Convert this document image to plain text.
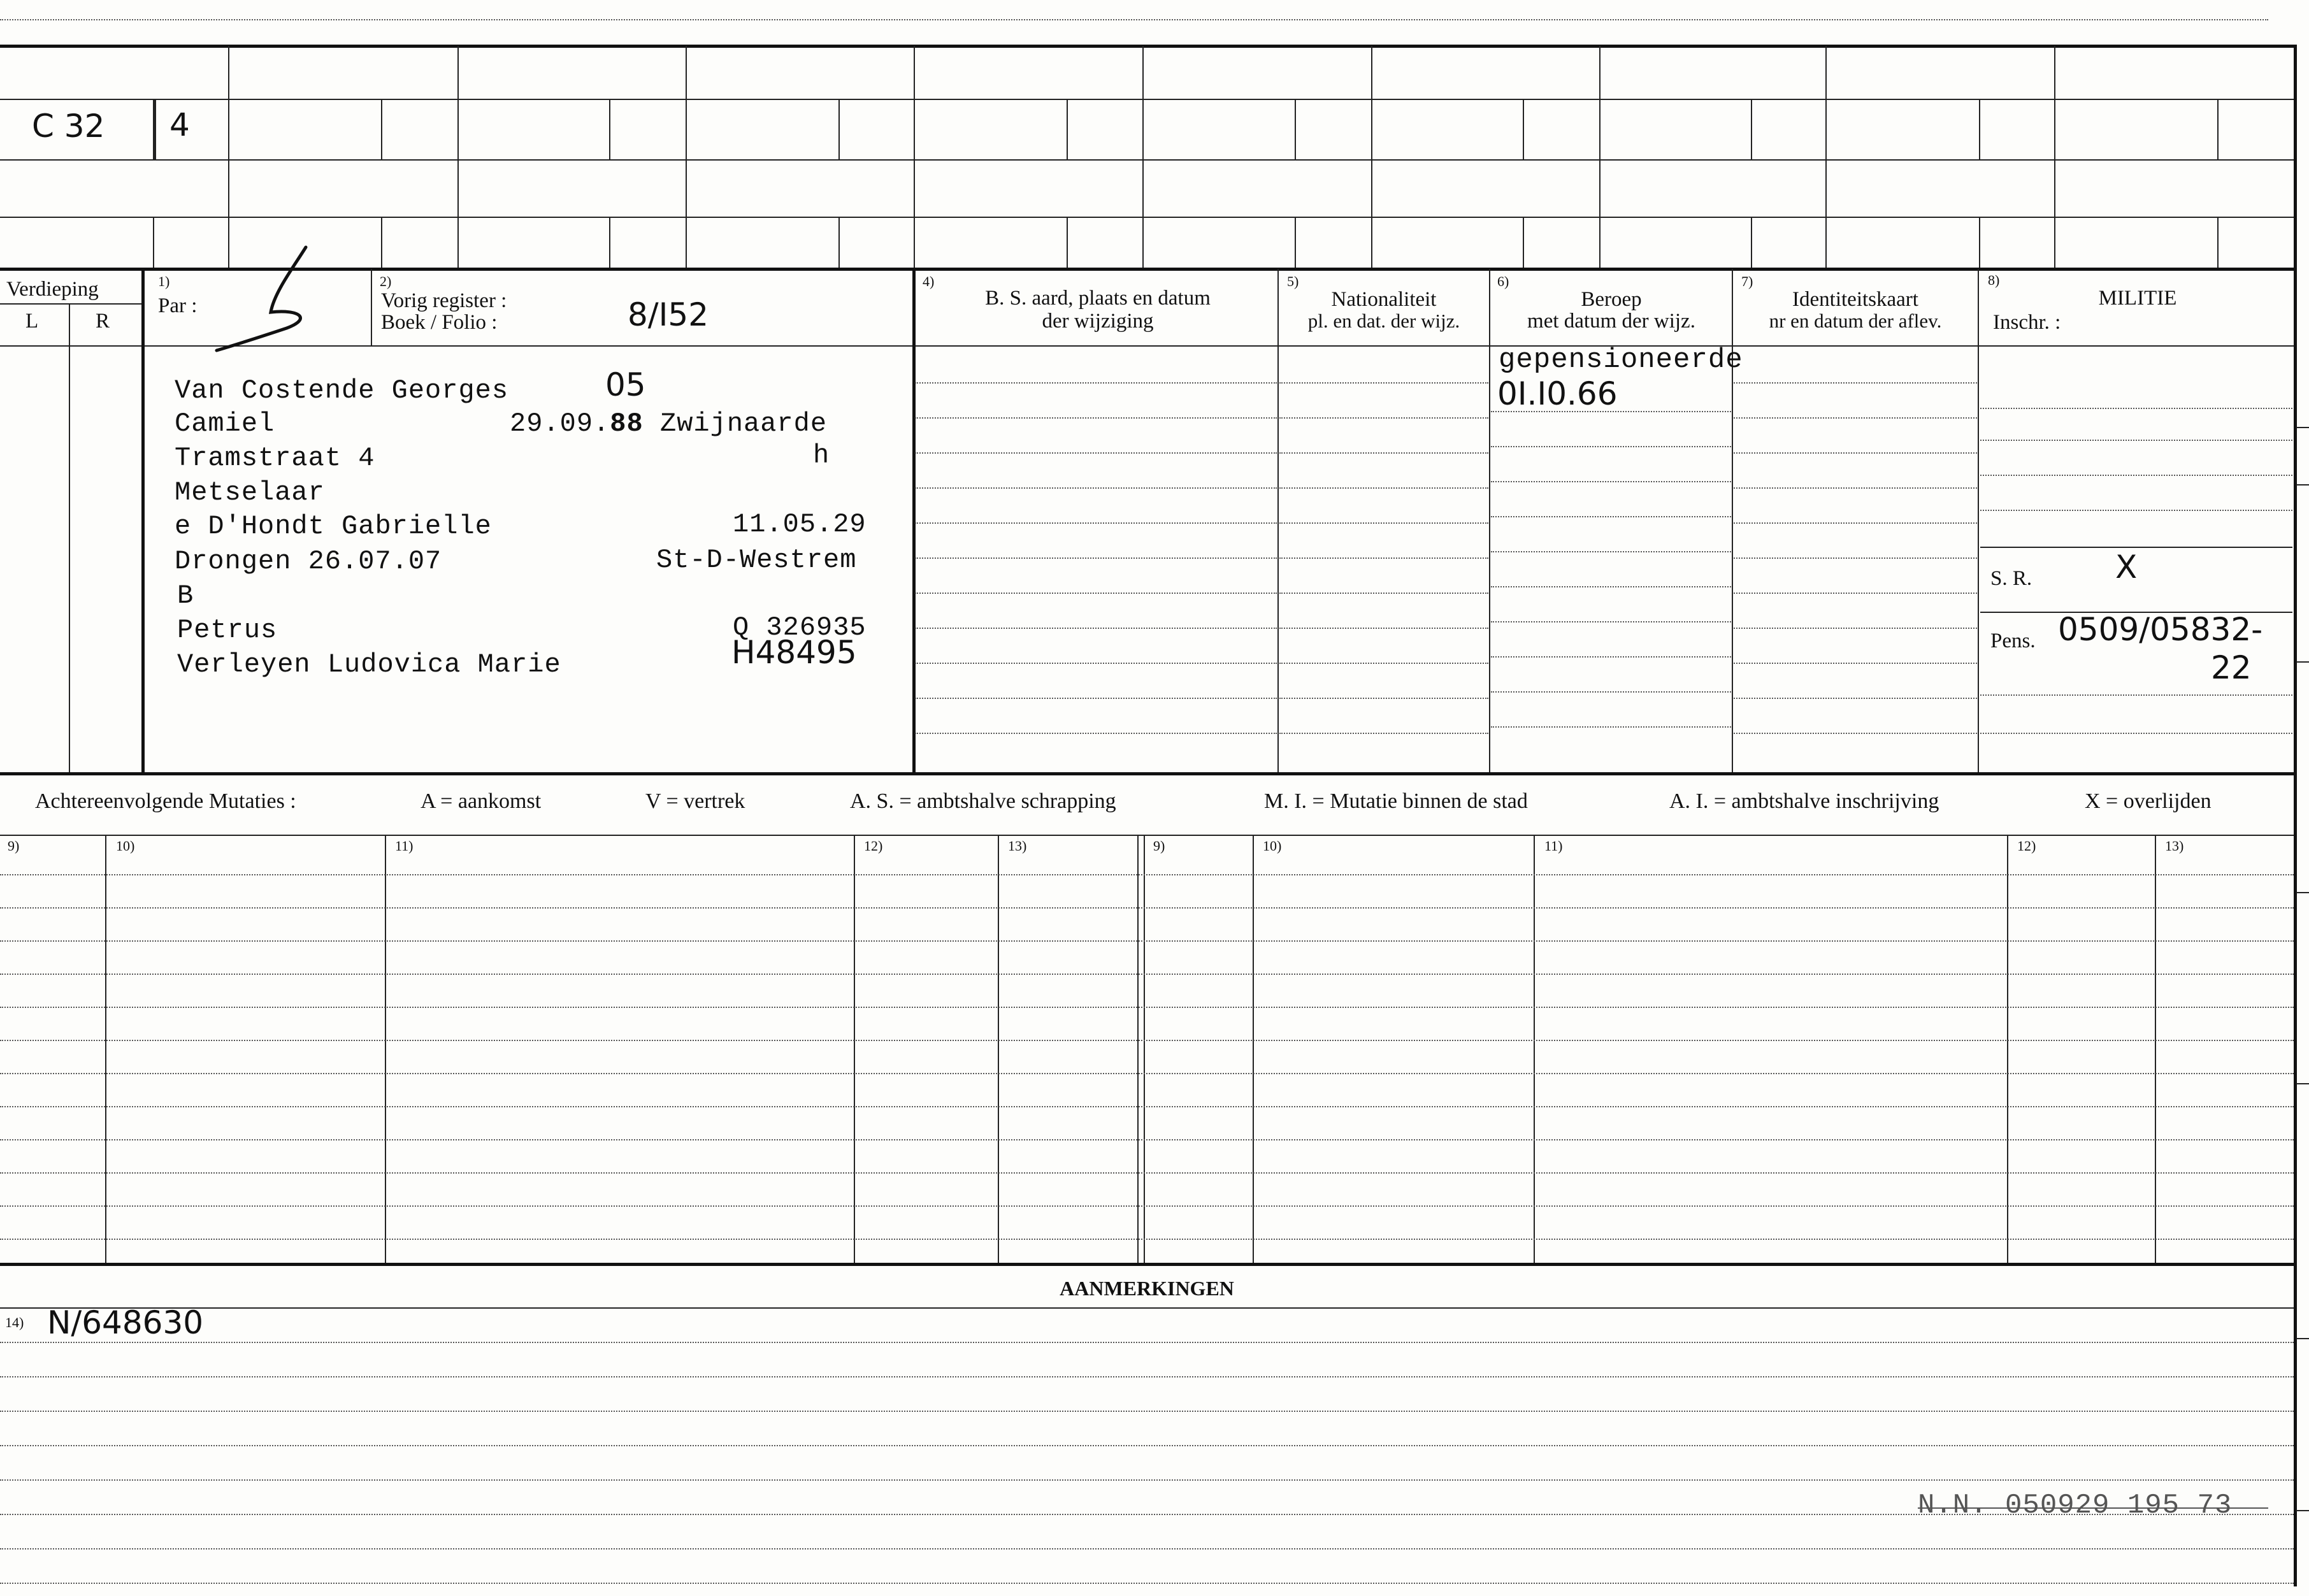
C 32 4
Verdieping
L	R
1)
Par :
2)
Vorig register :
Boek / Folio :	8/I52
4)
B. S. aard, plaats en datum
der wijziging
5)
Nationaliteit
pl. en dat. der wijz.
6)
Beroep
met datum der wijz.
7)
Identiteitskaart
nr en datum der aflev.
8)
MILITIE
Inschr. :
Van Costende Georges	05
Camiel	29.09.88 Zwijnaarde
Tramstraat 4	h
Metselaar
e D'Hondt Gabrielle	11.05.29
Drongen 26.07.07	St-D-Westrem
B
Petrus	Q 326935
Verleyen Ludovica Marie	H48495
gepensioneerde
0I.I0.66
S. R.	X
Pens. 0509/05832-
22
Achtereenvolgende Mutaties :	A = aankomst	V = vertrek	A. S. = ambtshalve schrapping	M. I. = Mutatie binnen de stad	A. I. = ambtshalve inschrijving	X = overlijden
9)	10)	11)	12)	13)	9)	10)	11)	12)	13)
AANMERKINGEN
14) N/648630
N.N. 050929 195 73
